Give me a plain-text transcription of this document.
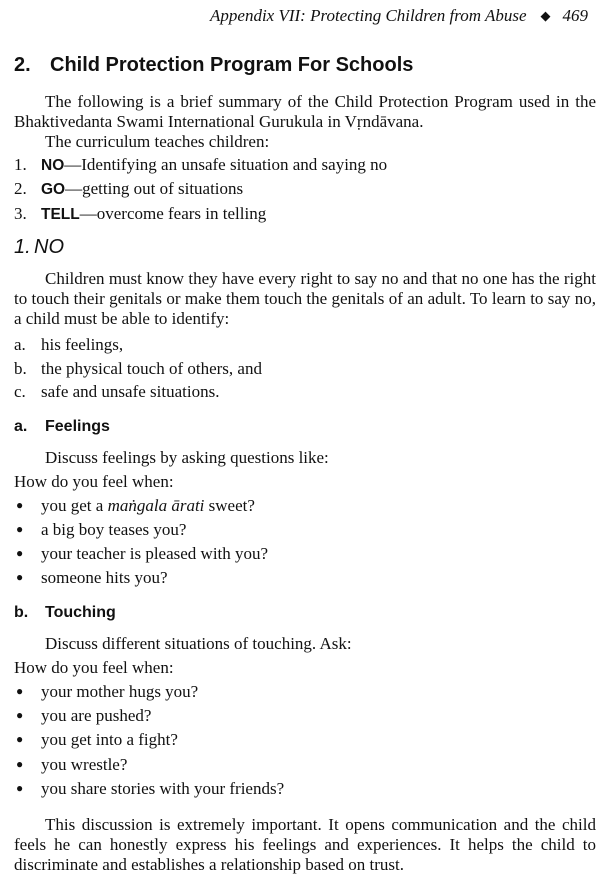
Appendix VII: Protecting Children from Abuse ◆ 469
2. Child Protection Program For Schools
The following is a brief summary of the Child Protection Program used in the Bhaktivedanta Swami International Gurukula in Vṛndāvana.
The curriculum teaches children:
1. NO—Identifying an unsafe situation and saying no
2. GO—getting out of situations
3. TELL—overcome fears in telling
1. NO
Children must know they have every right to say no and that no one has the right to touch their genitals or make them touch the genitals of an adult. To learn to say no, a child must be able to identify:
a. his feelings,
b. the physical touch of others, and
c. safe and unsafe situations.
a. Feelings
Discuss feelings by asking questions like:
How do you feel when:
●	you get a maṅgala ārati sweet?
●	a big boy teases you?
●	your teacher is pleased with you?
●	someone hits you?
b. Touching
Discuss different situations of touching. Ask:
How do you feel when:
●	your mother hugs you?
●	you are pushed?
●	you get into a fight?
●	you wrestle?
●	you share stories with your friends?
This discussion is extremely important. It opens communication and the child feels he can honestly express his feelings and experiences. It helps the child to discriminate and establishes a relationship based on trust.
